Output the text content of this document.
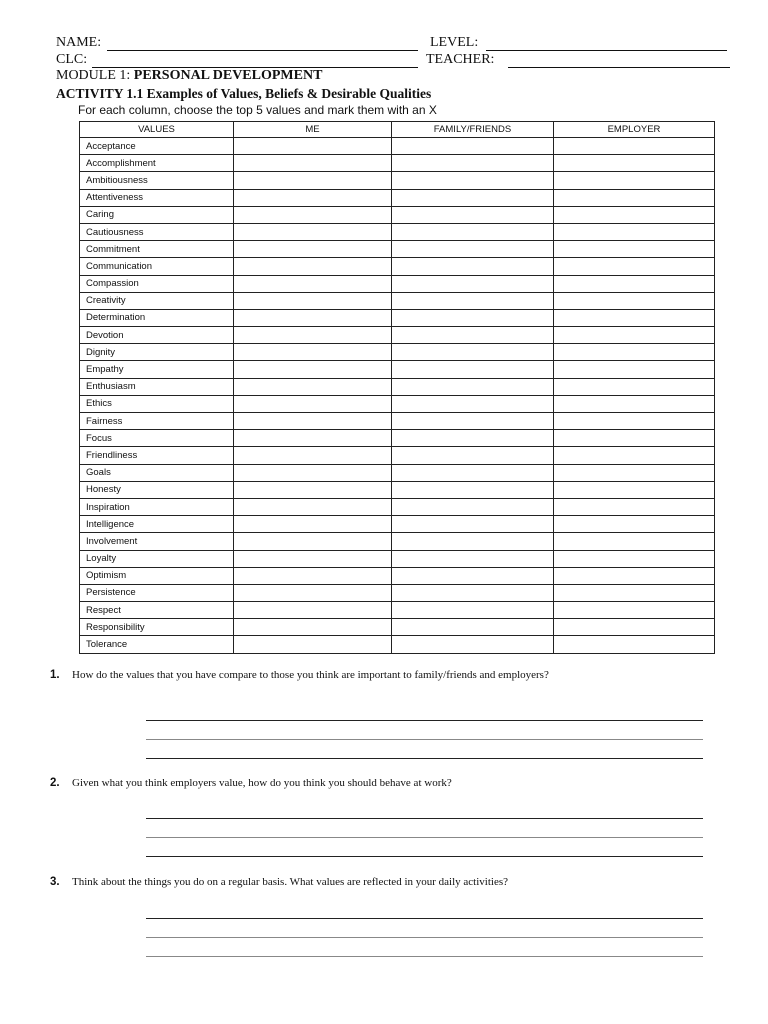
NAME:	LEVEL:
CLC:	TEACHER:
MODULE 1: PERSONAL DEVELOPMENT
ACTIVITY 1.1 Examples of Values, Beliefs & Desirable Qualities
For each column, choose the top 5 values and mark them with an X
VALUES	ME	FAMILY/FRIENDS	EMPLOYER
Acceptance			
Accomplishment			
Ambitiousness			
Attentiveness			
Caring			
Cautiousness			
Commitment			
Communication			
Compassion			
Creativity			
Determination			
Devotion			
Dignity			
Empathy			
Enthusiasm			
Ethics			
Fairness			
Focus			
Friendliness			
Goals			
Honesty			
Inspiration			
Intelligence			
Involvement			
Loyalty			
Optimism			
Persistence			
Respect			
Responsibility			
Tolerance			
1. How do the values that you have compare to those you think are important to family/friends and employers?
2. Given what you think employers value, how do you think you should behave at work?
3. Think about the things you do on a regular basis. What values are reflected in your daily activities?
